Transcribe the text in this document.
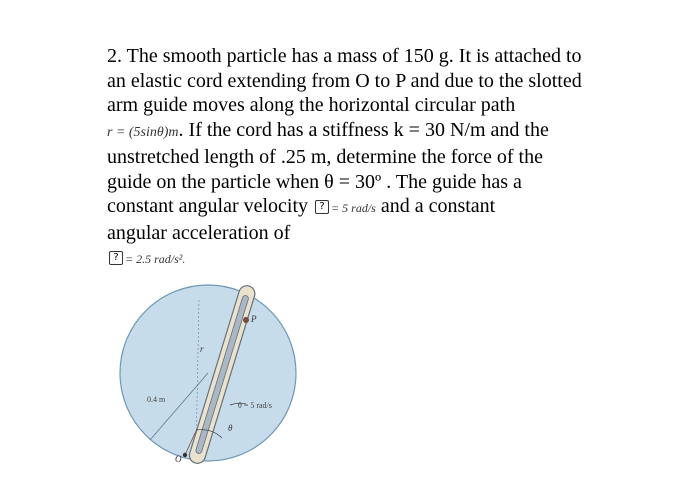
2. The smooth particle has a mass of 150 g. It is attached to
an elastic cord extending from O to P and due to the slotted
arm guide moves along the horizontal circular path
r = (5sinθ)m. If the cord has a stiffness k = 30 N/m and the
unstretched length of .25 m, determine the force of the
guide on the particle when θ = 30º . The guide has a
constant angular velocity ? = 5 rad/s and a constant
angular acceleration of
? = 2.5 rad/s².
r
P
0.4 m
θ = 5 rad/s
θ
O
